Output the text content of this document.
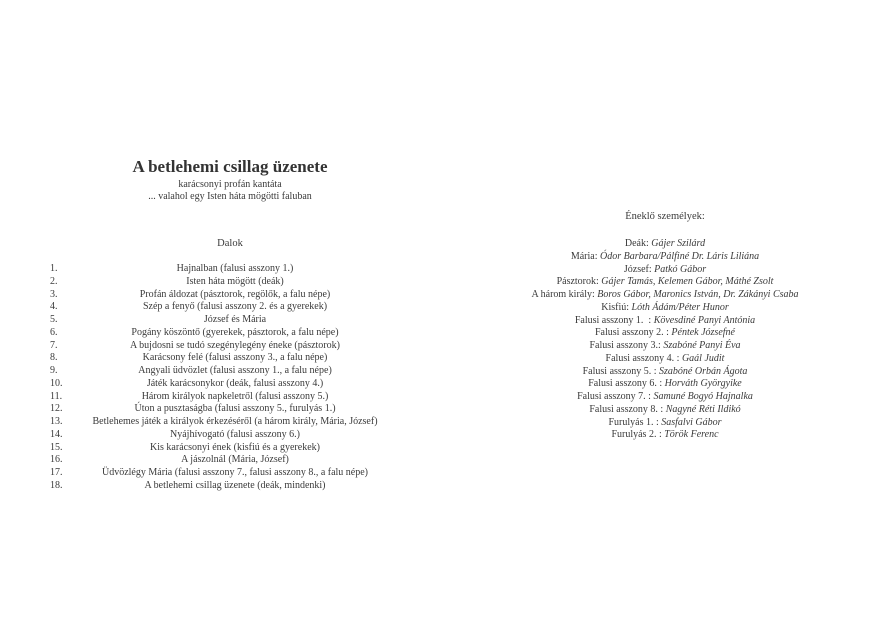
A betlehemi csillag üzenete
karácsonyi profán kantáta
... valahol egy Isten háta mögötti faluban
Dalok
1.	Hajnalban (falusi asszony 1.)
2.	Isten háta mögött (deák)
3.	Profán áldozat (pásztorok, regölők, a falu népe)
4.	Szép a fenyő (falusi asszony 2. és a gyerekek)
5.	József és Mária
6.	Pogány köszöntő (gyerekek, pásztorok, a falu népe)
7.	A bujdosni se tudó szegénylegény éneke (pásztorok)
8.	Karácsony felé (falusi asszony 3., a falu népe)
9.	Angyali üdvözlet (falusi asszony 1., a falu népe)
10.	Játék karácsonykor (deák, falusi asszony 4.)
11.	Három királyok napkeletről (falusi asszony 5.)
12.	Úton a pusztaságba (falusi asszony 5., furulyás 1.)
13.	Betlehemes játék a királyok érkezéséről (a három király, Mária, József)
14.	Nyájhívogató (falusi asszony 6.)
15.	Kis karácsonyi ének (kisfiú és a gyerekek)
16.	A jászolnál (Mária, József)
17.	Üdvözlégy Mária (falusi asszony 7., falusi asszony 8., a falu népe)
18.	A betlehemi csillag üzenete (deák, mindenki)
Éneklő személyek:
Deák: Gájer Szilárd
Mária: Ódor Barbara/Pálfiné Dr. Láris Liliána
József: Patkó Gábor
Pásztorok: Gájer Tamás, Kelemen Gábor, Máthé Zsolt
A három király: Boros Gábor, Maronics István, Dr. Zákányi Csaba
Kisfiú: Lóth Ádám/Péter Hunor
Falusi asszony 1.  : Kövesdiné Panyi Antónia
Falusi asszony 2. : Péntek Józsefné
Falusi asszony 3.: Szabóné Panyi Éva
Falusi asszony 4. : Gaál Judit
Falusi asszony 5. : Szabóné Orbán Ágota
Falusi asszony 6. : Horváth Györgyike
Falusi asszony 7. : Samuné Bogyó Hajnalka
Falusi asszony 8. : Nagyné Réti Ildikó
Furulyás 1. : Sasfalvi Gábor
Furulyás 2. : Török Ferenc
